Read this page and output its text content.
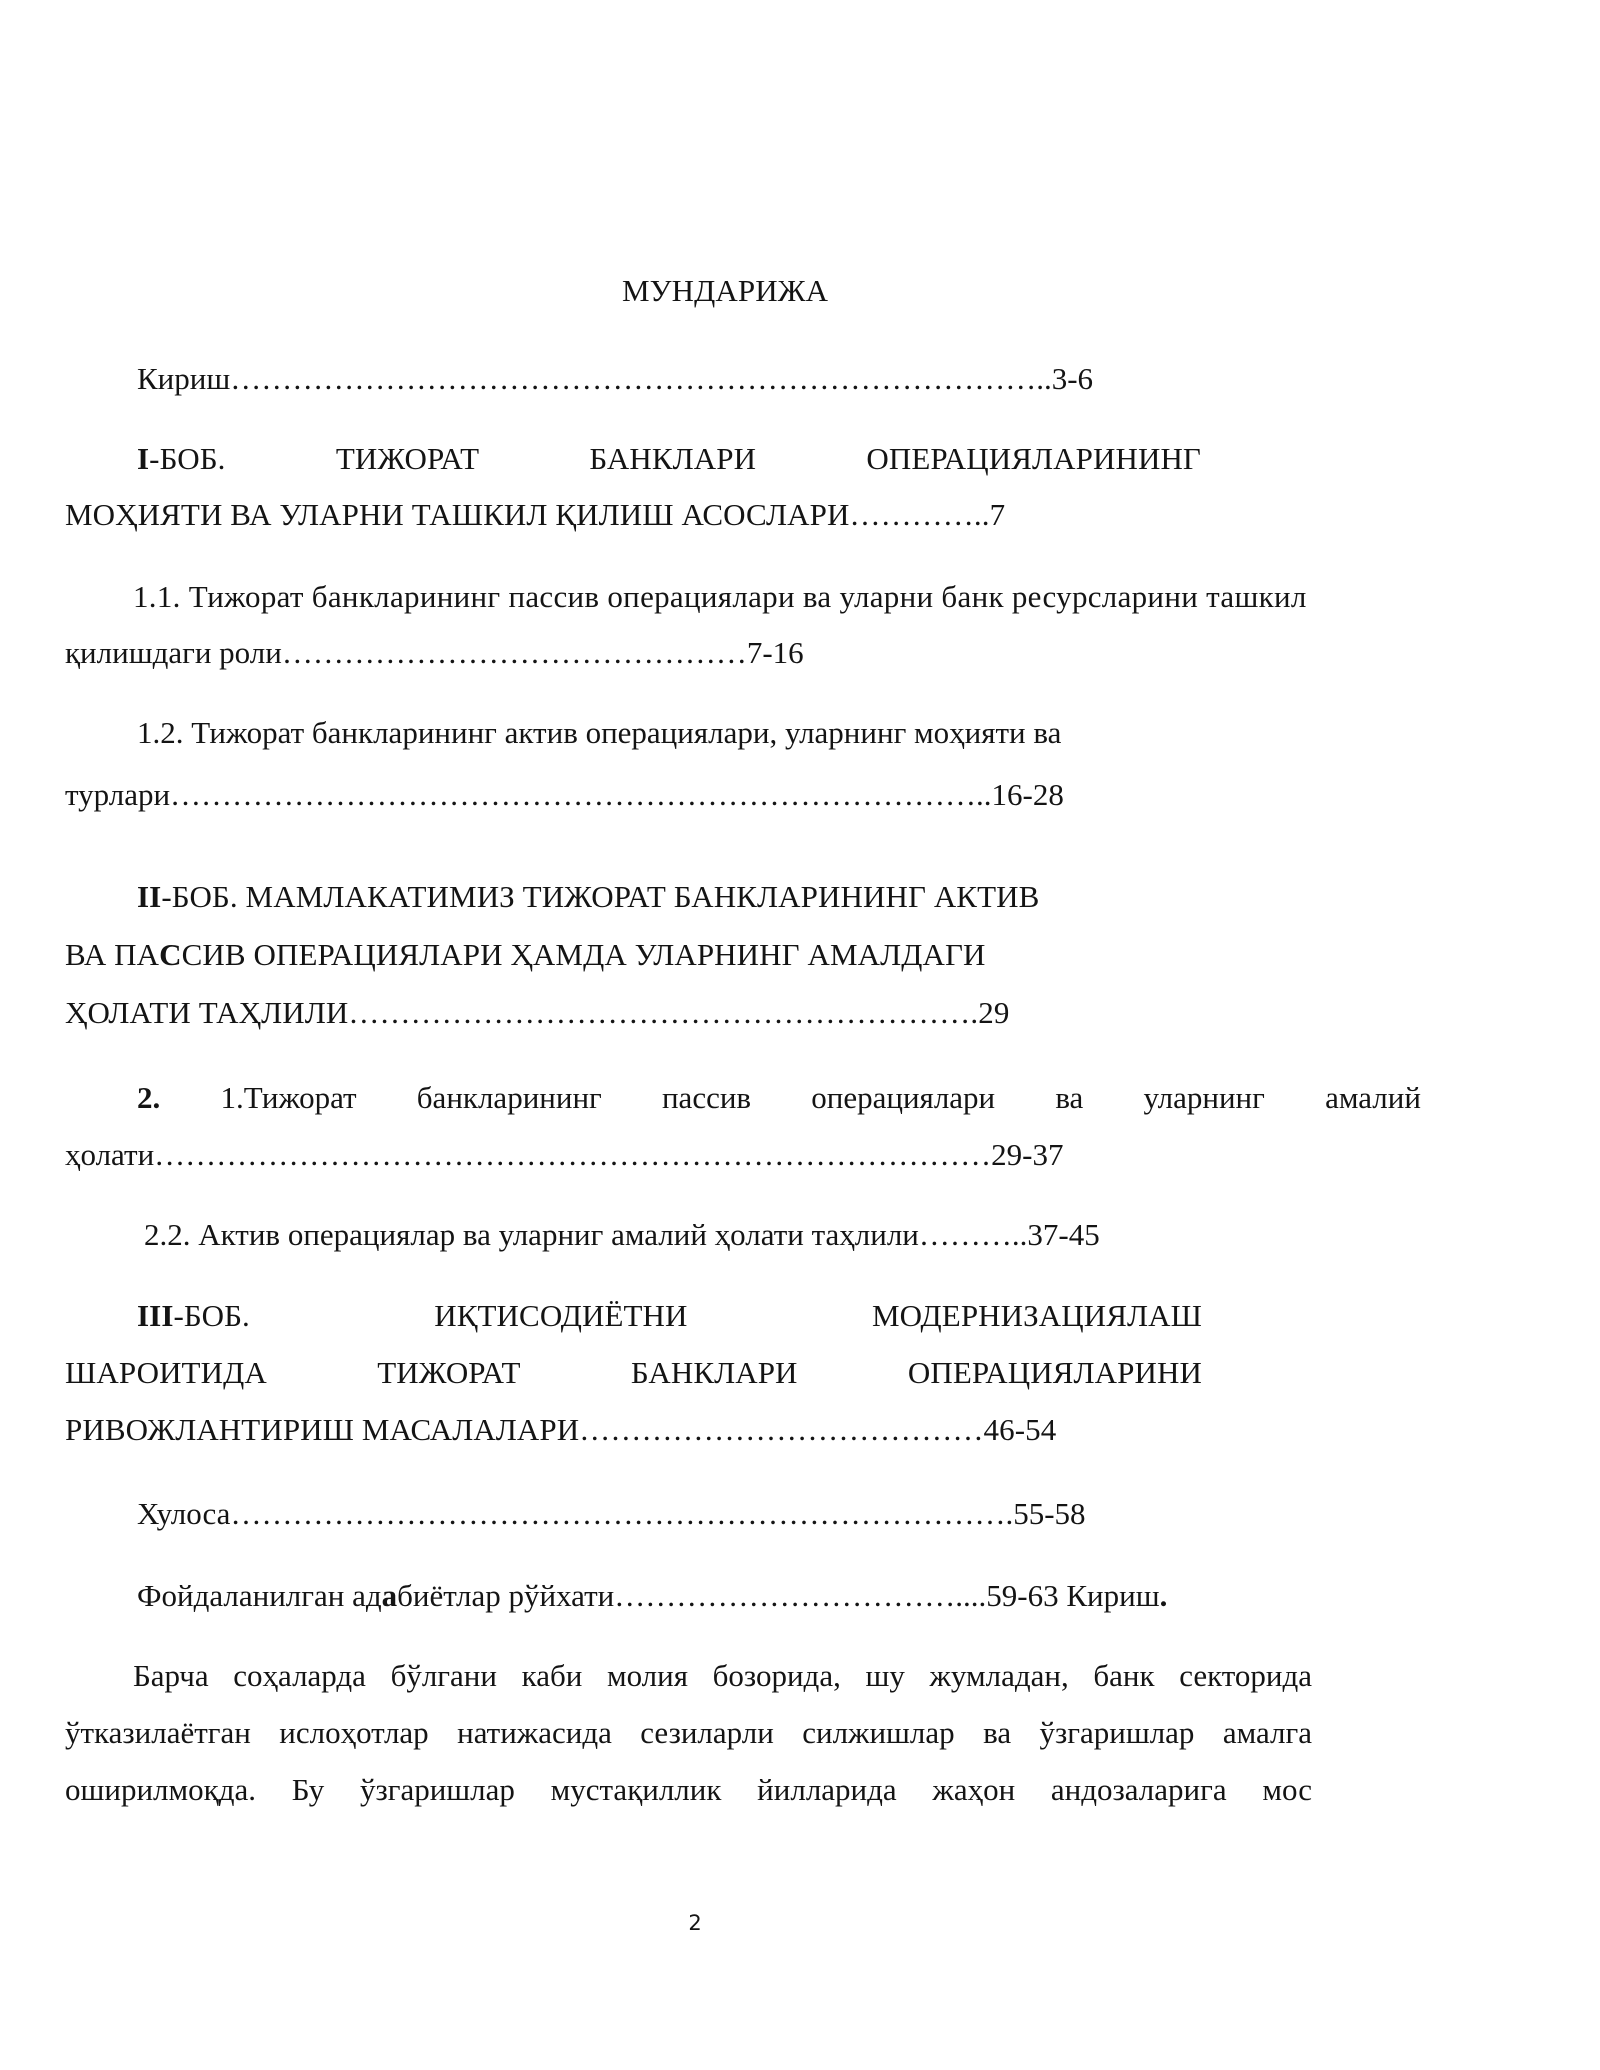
МУНДАРИЖА
Кириш……………………………………………………………………..3-6
I-БОБ.	ТИЖОРАТ	БАНКЛАРИ	ОПЕРАЦИЯЛАРИНИНГ
МОҲИЯТИ ВА УЛАРНИ ТАШКИЛ ҚИЛИШ АСОСЛАРИ…………..7
1.1. Тижорат банкларининг пассив операциялари ва уларни банк ресурсларини ташкил
қилишдаги роли………………………………………7-16
1.2. Тижорат банкларининг актив операциялари, уларнинг моҳияти ва
турлари……………………………………………………………………..16-28
II-БОБ. МАМЛАКАТИМИЗ ТИЖОРАТ БАНКЛАРИНИНГ АКТИВ
ВА ПАССИВ ОПЕРАЦИЯЛАРИ ҲАМДА УЛАРНИНГ АМАЛДАГИ
ҲОЛАТИ ТАҲЛИЛИ…………………………………………………….29
2. 1.Тижорат банкларининг пассив операциялари ва уларнинг амалий
ҳолати………………………………………………………………………29-37
2.2. Актив операциялар ва уларниг амалий ҳолати таҳлили………..37-45
III-БОБ.	ИҚТИСОДИЁТНИ	МОДЕРНИЗАЦИЯЛАШ
ШАРОИТИДА	ТИЖОРАТ	БАНКЛАРИ	ОПЕРАЦИЯЛАРИНИ
РИВОЖЛАНТИРИШ МАСАЛАЛАРИ…………………………………46-54
Хулоса………………………………………………………………….55-58
Фойдаланилган адабиётлар рўйхати……………………………....59-63 Кириш.
Барча соҳаларда бўлгани каби молия бозорида, шу жумладан, банк секторида
ўтказилаётган ислоҳотлар натижасида сезиларли силжишлар ва ўзгаришлар амалга
оширилмоқда. Бу ўзгаришлар мустақиллик йилларида жаҳон андозаларига мос
2
